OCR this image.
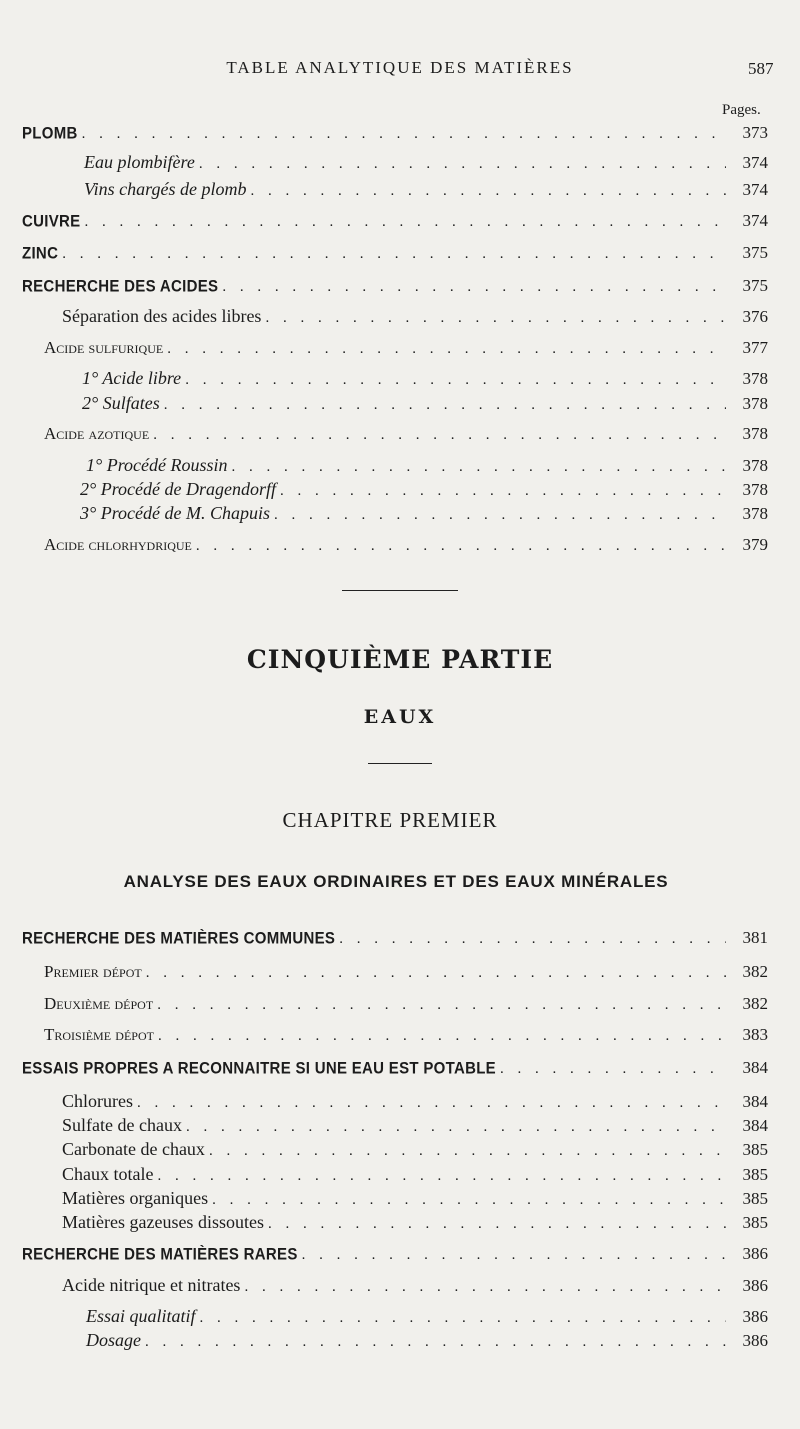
TABLE ANALYTIQUE DES MATIÈRES	587
Pages.
PLOMB . . .	373
Eau plombifère . . .	374
Vins chargés de plomb . . .	374
CUIVRE . . .	374
ZINC . . .	375
RECHERCHE DES ACIDES . . .	375
Séparation des acides libres . . .	376
Acide sulfurique . . .	377
1° Acide libre . . .	378
2° Sulfates . . .	378
Acide azotique . . .	378
1° Procédé Roussin . . .	378
2° Procédé de Dragendorff . . .	378
3° Procédé de M. Chapuis . . .	378
Acide chlorhydrique . . .	379
CINQUIÈME PARTIE
EAUX
CHAPITRE PREMIER
ANALYSE DES EAUX ORDINAIRES ET DES EAUX MINÉRALES
RECHERCHE DES MATIÈRES COMMUNES . . .	381
Premier dépot . . .	382
Deuxième dépot . . .	382
Troisième dépot . . .	383
ESSAIS PROPRES A RECONNAITRE SI UNE EAU EST POTABLE . . .	384
Chlorures . . .	384
Sulfate de chaux . . .	384
Carbonate de chaux . . .	385
Chaux totale . . .	385
Matières organiques . . .	385
Matières gazeuses dissoutes . . .	385
RECHERCHE DES MATIÈRES RARES . . .	386
Acide nitrique et nitrates . . .	386
Essai qualitatif . . .	386
Dosage . . .	386
